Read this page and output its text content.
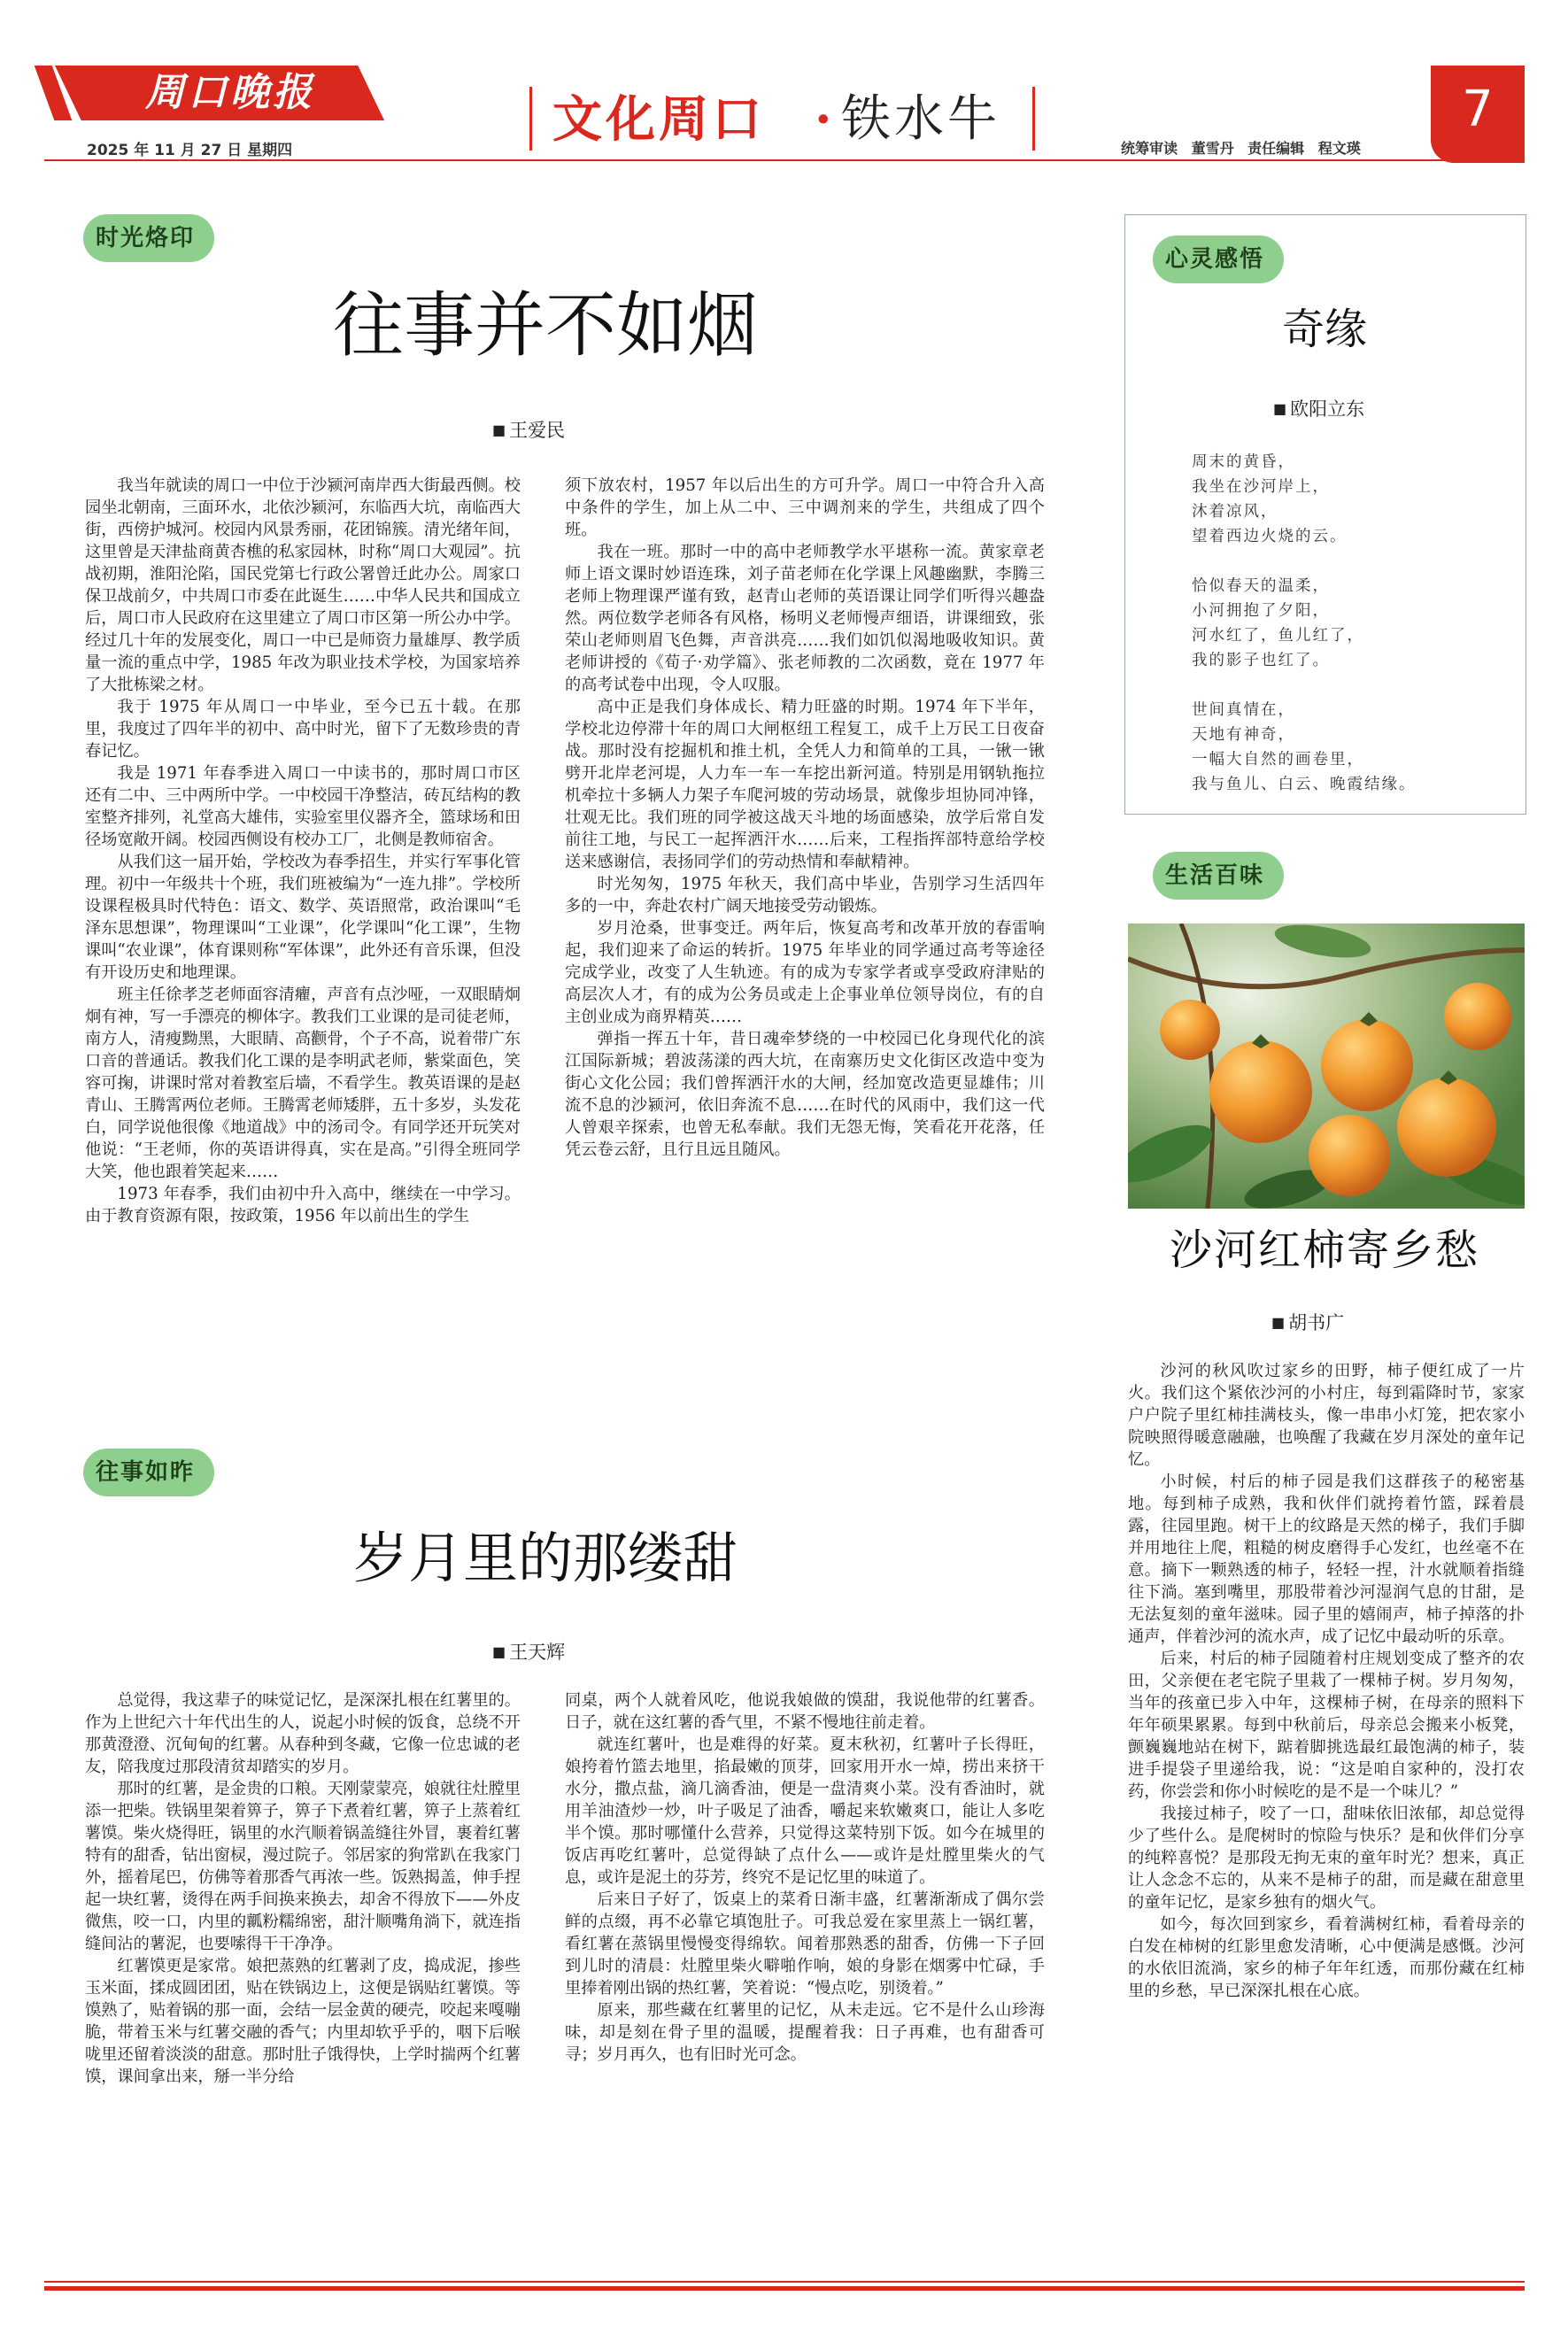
周口晚报
2025 年 11 月 27 日 星期四
文化周口 · 铁水牛
统筹审读 董雪丹 责任编辑 程文瑛
7
时光烙印
往事并不如烟
■ 王爱民

我当年就读的周口一中位于沙颍河南岸西大街最西侧。校园坐北朝南，三面环水，北依沙颍河，东临西大坑，南临西大街，西傍护城河。校园内风景秀丽，花团锦簇。清光绪年间，这里曾是天津盐商黄杏樵的私家园林，时称“周口大观园”。抗战初期，淮阳沦陷，国民党第七行政公署曾迁此办公。周家口保卫战前夕，中共周口市委在此诞生……中华人民共和国成立后，周口市人民政府在这里建立了周口市区第一所公办中学。经过几十年的发展变化，周口一中已是师资力量雄厚、教学质量一流的重点中学，1985 年改为职业技术学校，为国家培养了大批栋梁之材。

我于 1975 年从周口一中毕业，至今已五十载。在那里，我度过了四年半的初中、高中时光，留下了无数珍贵的青春记忆。

我是 1971 年春季进入周口一中读书的，那时周口市区还有二中、三中两所中学。一中校园干净整洁，砖瓦结构的教室整齐排列，礼堂高大雄伟，实验室里仪器齐全，篮球场和田径场宽敞开阔。校园西侧设有校办工厂，北侧是教师宿舍。

从我们这一届开始，学校改为春季招生，并实行军事化管理。初中一年级共十个班，我们班被编为“一连九排”。学校所设课程极具时代特色：语文、数学、英语照常，政治课叫“毛泽东思想课”，物理课叫“工业课”，化学课叫“化工课”，生物课叫“农业课”，体育课则称“军体课”，此外还有音乐课，但没有开设历史和地理课。

班主任徐孝芝老师面容清癯，声音有点沙哑，一双眼睛炯炯有神，写一手漂亮的柳体字。教我们工业课的是司徒老师，南方人，清瘦黝黑，大眼睛、高颧骨，个子不高，说着带广东口音的普通话。教我们化工课的是李明武老师，紫棠面色，笑容可掬，讲课时常对着教室后墙，不看学生。教英语课的是赵青山、王腾霄两位老师。王腾霄老师矮胖，五十多岁，头发花白，同学说他很像《地道战》中的汤司令。有同学还开玩笑对他说：“王老师，你的英语讲得真，实在是高。”引得全班同学大笑，他也跟着笑起来……

1973 年春季，我们由初中升入高中，继续在一中学习。由于教育资源有限，按政策，1956 年以前出生的学生

须下放农村，1957 年以后出生的方可升学。周口一中符合升入高中条件的学生，加上从二中、三中调剂来的学生，共组成了四个班。

我在一班。那时一中的高中老师教学水平堪称一流。黄家章老师上语文课时妙语连珠，刘子苗老师在化学课上风趣幽默，李腾三老师上物理课严谨有致，赵青山老师的英语课让同学们听得兴趣盎然。两位数学老师各有风格，杨明义老师慢声细语，讲课细致，张荣山老师则眉飞色舞，声音洪亮……我们如饥似渴地吸收知识。黄老师讲授的《荀子·劝学篇》、张老师教的二次函数，竟在 1977 年的高考试卷中出现，令人叹服。

高中正是我们身体成长、精力旺盛的时期。1974 年下半年，学校北边停滞十年的周口大闸枢纽工程复工，成千上万民工日夜奋战。那时没有挖掘机和推土机，全凭人力和简单的工具，一锹一锹劈开北岸老河堤，人力车一车一车挖出新河道。特别是用钢轨拖拉机牵拉十多辆人力架子车爬河坡的劳动场景，就像步坦协同冲锋，壮观无比。我们班的同学被这战天斗地的场面感染，放学后常自发前往工地，与民工一起挥洒汗水……后来，工程指挥部特意给学校送来感谢信，表扬同学们的劳动热情和奉献精神。

时光匆匆，1975 年秋天，我们高中毕业，告别学习生活四年多的一中，奔赴农村广阔天地接受劳动锻炼。

岁月沧桑，世事变迁。两年后，恢复高考和改革开放的春雷响起，我们迎来了命运的转折。1975 年毕业的同学通过高考等途径完成学业，改变了人生轨迹。有的成为专家学者或享受政府津贴的高层次人才，有的成为公务员或走上企事业单位领导岗位，有的自主创业成为商界精英……

弹指一挥五十年，昔日魂牵梦绕的一中校园已化身现代化的滨江国际新城；碧波荡漾的西大坑，在南寨历史文化街区改造中变为街心文化公园；我们曾挥洒汗水的大闸，经加宽改造更显雄伟；川流不息的沙颍河，依旧奔流不息……在时代的风雨中，我们这一代人曾艰辛探索，也曾无私奉献。我们无怨无悔，笑看花开花落，任凭云卷云舒，且行且远且随风。

往事如昨
岁月里的那缕甜
■ 王天辉

总觉得，我这辈子的味觉记忆，是深深扎根在红薯里的。作为上世纪六十年代出生的人，说起小时候的饭食，总绕不开那黄澄澄、沉甸甸的红薯。从春种到冬藏，它像一位忠诚的老友，陪我度过那段清贫却踏实的岁月。

那时的红薯，是金贵的口粮。天刚蒙蒙亮，娘就往灶膛里添一把柴。铁锅里架着箅子，箅子下煮着红薯，箅子上蒸着红薯馍。柴火烧得旺，锅里的水汽顺着锅盖缝往外冒，裹着红薯特有的甜香，钻出窗棂，漫过院子。邻居家的狗常趴在我家门外，摇着尾巴，仿佛等着那香气再浓一些。饭熟揭盖，伸手捏起一块红薯，烫得在两手间换来换去，却舍不得放下——外皮微焦，咬一口，内里的瓤粉糯绵密，甜汁顺嘴角淌下，就连指缝间沾的薯泥，也要嗦得干干净净。

红薯馍更是家常。娘把蒸熟的红薯剥了皮，捣成泥，掺些玉米面，揉成圆团团，贴在铁锅边上，这便是锅贴红薯馍。等馍熟了，贴着锅的那一面，会结一层金黄的硬壳，咬起来嘎嘣脆，带着玉米与红薯交融的香气；内里却软乎乎的，咽下后喉咙里还留着淡淡的甜意。那时肚子饿得快，上学时揣两个红薯馍，课间拿出来，掰一半分给

同桌，两个人就着风吃，他说我娘做的馍甜，我说他带的红薯香。日子，就在这红薯的香气里，不紧不慢地往前走着。

就连红薯叶，也是难得的好菜。夏末秋初，红薯叶子长得旺，娘挎着竹篮去地里，掐最嫩的顶芽，回家用开水一焯，捞出来挤干水分，撒点盐，滴几滴香油，便是一盘清爽小菜。没有香油时，就用羊油渣炒一炒，叶子吸足了油香，嚼起来软嫩爽口，能让人多吃半个馍。那时哪懂什么营养，只觉得这菜特别下饭。如今在城里的饭店再吃红薯叶，总觉得缺了点什么——或许是灶膛里柴火的气息，或许是泥土的芬芳，终究不是记忆里的味道了。

后来日子好了，饭桌上的菜肴日渐丰盛，红薯渐渐成了偶尔尝鲜的点缀，再不必靠它填饱肚子。可我总爱在家里蒸上一锅红薯，看红薯在蒸锅里慢慢变得绵软。闻着那熟悉的甜香，仿佛一下子回到儿时的清晨：灶膛里柴火噼啪作响，娘的身影在烟雾中忙碌，手里捧着刚出锅的热红薯，笑着说：“慢点吃，别烫着。”

原来，那些藏在红薯里的记忆，从未走远。它不是什么山珍海味，却是刻在骨子里的温暖，提醒着我：日子再难，也有甜香可寻；岁月再久，也有旧时光可念。

心灵感悟
奇缘
■ 欧阳立东

周末的黄昏，

我坐在沙河岸上，

沐着凉风，

望着西边火烧的云。

恰似春天的温柔，

小河拥抱了夕阳，

河水红了，鱼儿红了，

我的影子也红了。

世间真情在，

天地有神奇，

一幅大自然的画卷里，

我与鱼儿、白云、晚霞结缘。

生活百味
沙河红柿寄乡愁
■ 胡书广

沙河的秋风吹过家乡的田野，柿子便红成了一片火。我们这个紧依沙河的小村庄，每到霜降时节，家家户户院子里红柿挂满枝头，像一串串小灯笼，把农家小院映照得暖意融融，也唤醒了我藏在岁月深处的童年记忆。

小时候，村后的柿子园是我们这群孩子的秘密基地。每到柿子成熟，我和伙伴们就挎着竹篮，踩着晨露，往园里跑。树干上的纹路是天然的梯子，我们手脚并用地往上爬，粗糙的树皮磨得手心发红，也丝毫不在意。摘下一颗熟透的柿子，轻轻一捏，汁水就顺着指缝往下淌。塞到嘴里，那股带着沙河湿润气息的甘甜，是无法复刻的童年滋味。园子里的嬉闹声，柿子掉落的扑通声，伴着沙河的流水声，成了记忆中最动听的乐章。

后来，村后的柿子园随着村庄规划变成了整齐的农田，父亲便在老宅院子里栽了一棵柿子树。岁月匆匆，当年的孩童已步入中年，这棵柿子树，在母亲的照料下年年硕果累累。每到中秋前后，母亲总会搬来小板凳，颤巍巍地站在树下，踮着脚挑选最红最饱满的柿子，装进手提袋子里递给我，说：“这是咱自家种的，没打农药，你尝尝和你小时候吃的是不是一个味儿？”

我接过柿子，咬了一口，甜味依旧浓郁，却总觉得少了些什么。是爬树时的惊险与快乐？是和伙伴们分享的纯粹喜悦？是那段无拘无束的童年时光？想来，真正让人念念不忘的，从来不是柿子的甜，而是藏在甜意里的童年记忆，是家乡独有的烟火气。

如今，每次回到家乡，看着满树红柿，看着母亲的白发在柿树的红影里愈发清晰，心中便满是感慨。沙河的水依旧流淌，家乡的柿子年年红透，而那份藏在红柿里的乡愁，早已深深扎根在心底。
